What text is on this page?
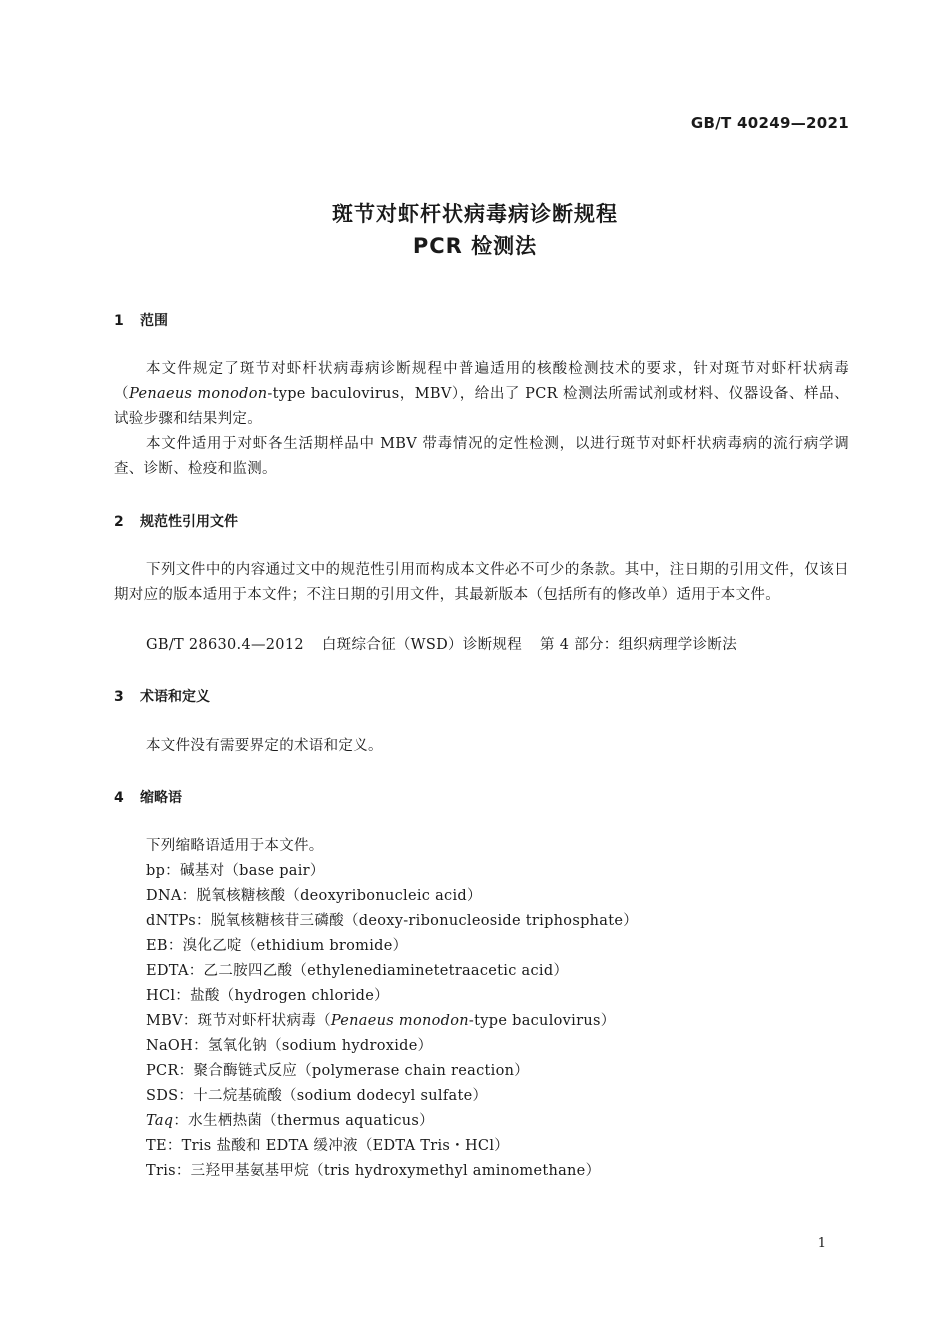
GB/T 40249—2021
斑节对虾杆状病毒病诊断规程
PCR 检测法
1 范围
本文件规定了斑节对虾杆状病毒病诊断规程中普遍适用的核酸检测技术的要求，针对斑节对虾杆状病毒（Penaeus monodon-type baculovirus，MBV），给出了 PCR 检测法所需试剂或材料、仪器设备、样品、试验步骤和结果判定。
本文件适用于对虾各生活期样品中 MBV 带毒情况的定性检测，以进行斑节对虾杆状病毒病的流行病学调查、诊断、检疫和监测。
2 规范性引用文件
下列文件中的内容通过文中的规范性引用而构成本文件必不可少的条款。其中，注日期的引用文件，仅该日期对应的版本适用于本文件；不注日期的引用文件，其最新版本（包括所有的修改单）适用于本文件。
GB/T 28630.4—2012 白斑综合征（WSD）诊断规程 第 4 部分：组织病理学诊断法
3 术语和定义
本文件没有需要界定的术语和定义。
4 缩略语
下列缩略语适用于本文件。
bp：碱基对（base pair）
DNA：脱氧核糖核酸（deoxyribonucleic acid）
dNTPs：脱氧核糖核苷三磷酸（deoxy-ribonucleoside triphosphate）
EB：溴化乙啶（ethidium bromide）
EDTA：乙二胺四乙酸（ethylenediaminetetraacetic acid）
HCl：盐酸（hydrogen chloride）
MBV：斑节对虾杆状病毒（Penaeus monodon-type baculovirus）
NaOH：氢氧化钠（sodium hydroxide）
PCR：聚合酶链式反应（polymerase chain reaction）
SDS：十二烷基硫酸（sodium dodecyl sulfate）
Taq：水生栖热菌（thermus aquaticus）
TE：Tris 盐酸和 EDTA 缓冲液（EDTA Tris・HCl）
Tris：三羟甲基氨基甲烷（tris hydroxymethyl aminomethane）
1
